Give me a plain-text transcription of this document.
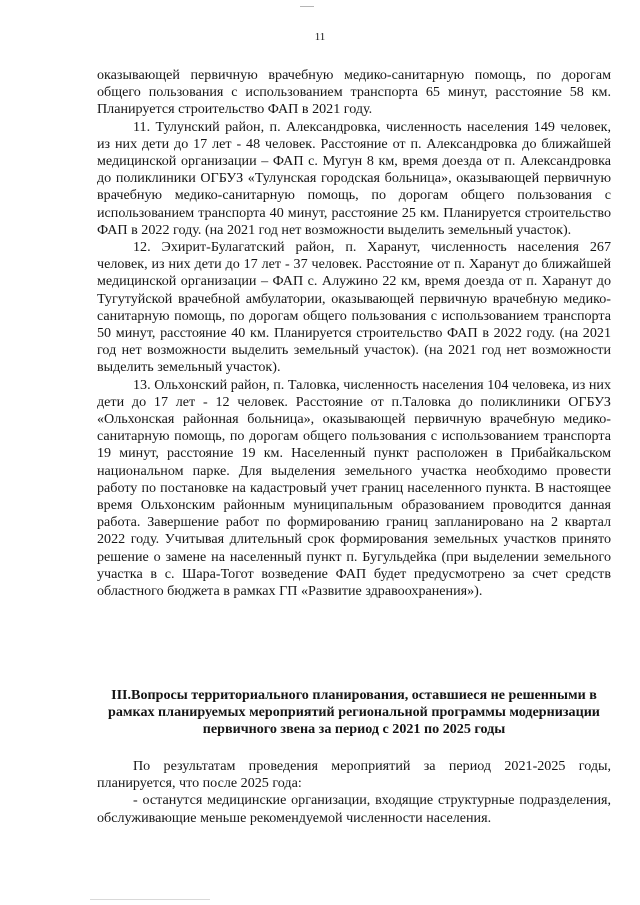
11

оказывающей первичную врачебную медико-санитарную помощь, по дорогам общего пользования с использованием транспорта 65 минут, расстояние 58 км. Планируется строительство ФАП в 2021 году.

11. Тулунский район, п. Александровка, численность населения 149 человек, из них дети до 17 лет - 48 человек. Расстояние от п. Александровка до ближайшей медицинской организации – ФАП с. Мугун 8 км, время доезда от п. Александровка до поликлиники ОГБУЗ «Тулунская городская больница», оказывающей первичную врачебную медико-санитарную помощь, по дорогам общего пользования с использованием транспорта 40 минут, расстояние 25 км. Планируется строительство ФАП в 2022 году. (на 2021 год нет возможности выделить земельный участок).

12. Эхирит-Булагатский район, п. Харанут, численность населения 267 человек, из них дети до 17 лет - 37 человек. Расстояние от п. Харанут до ближайшей медицинской организации – ФАП с. Алужино 22 км, время доезда от п. Харанут до Тугутуйской врачебной амбулатории, оказывающей первичную врачебную медико-санитарную помощь, по дорогам общего пользования с использованием транспорта 50 минут, расстояние 40 км. Планируется строительство ФАП в 2022 году. (на 2021 год нет возможности выделить земельный участок). (на 2021 год нет возможности выделить земельный участок).

13. Ольхонский район, п. Таловка, численность населения 104 человека, из них дети до 17 лет - 12 человек. Расстояние от п.Таловка до поликлиники ОГБУЗ «Ольхонская районная больница», оказывающей первичную врачебную медико-санитарную помощь, по дорогам общего пользования с использованием транспорта 19 минут, расстояние 19 км. Населенный пункт расположен в Прибайкальском национальном парке. Для выделения земельного участка необходимо провести работу по постановке на кадастровый учет границ населенного пункта. В настоящее время Ольхонским районным муниципальным образованием проводится данная работа. Завершение работ по формированию границ запланировано на 2 квартал 2022 году. Учитывая длительный срок формирования земельных участков принято решение о замене на населенный пункт п. Бугульдейка (при выделении земельного участка в с. Шара-Тогот возведение ФАП будет предусмотрено за счет средств областного бюджета в рамках ГП «Развитие здравоохранения»).

III.Вопросы территориального планирования, оставшиеся не решенными в рамках планируемых мероприятий региональной программы модернизации первичного звена за период с 2021 по 2025 годы

По результатам проведения мероприятий за период 2021-2025 годы, планируется, что после 2025 года:

- останутся медицинские организации, входящие структурные подразделения, обслуживающие меньше рекомендуемой численности населения.
